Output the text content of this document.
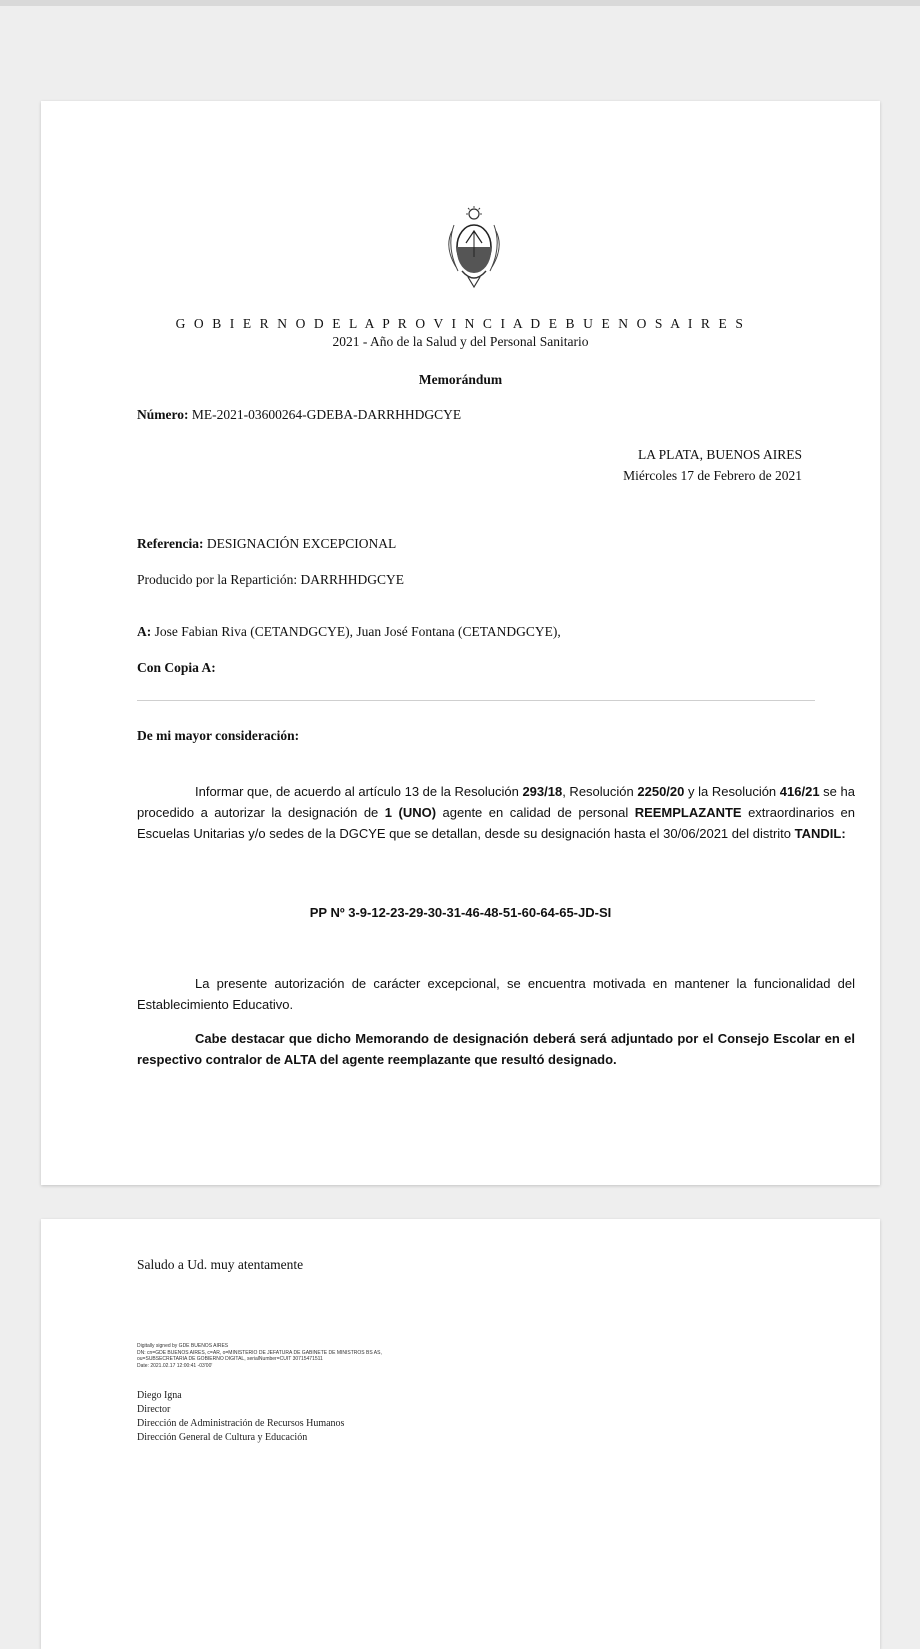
G O B I E R N O D E L A P R O V I N C I A D E B U E N O S A I R E S
2021 - Año de la Salud y del Personal Sanitario
Memorándum
Número: ME-2021-03600264-GDEBA-DARRHHDGCYE
LA PLATA, BUENOS AIRES
Miércoles 17 de Febrero de 2021
Referencia: DESIGNACIÓN EXCEPCIONAL
Producido por la Repartición: DARRHHDGCYE
A: Jose Fabian Riva (CETANDGCYE), Juan José Fontana (CETANDGCYE),
Con Copia A:
De mi mayor consideración:
Informar que, de acuerdo al artículo 13 de la Resolución 293/18, Resolución 2250/20 y la Resolución 416/21 se ha procedido a autorizar la designación de 1 (UNO) agente en calidad de personal REEMPLAZANTE extraordinarios en Escuelas Unitarias y/o sedes de la DGCYE que se detallan, desde su designación hasta el 30/06/2021 del distrito TANDIL:
PP Nº 3-9-12-23-29-30-31-46-48-51-60-64-65-JD-SI
La presente autorización de carácter excepcional, se encuentra motivada en mantener la funcionalidad del Establecimiento Educativo.
Cabe destacar que dicho Memorando de designación deberá será adjuntado por el Consejo Escolar en el respectivo contralor de ALTA del agente reemplazante que resultó designado.
Saludo a Ud. muy atentamente
Digitally signed by GDE BUENOS AIRES
DN: cn=GDE BUENOS AIRES, c=AR, o=MINISTERIO DE JEFATURA DE GABINETE DE MINISTROS BS AS,
ou=SUBSECRETARIA DE GOBIERNO DIGITAL, serialNumber=CUIT 30715471511
Date: 2021.02.17 12:00:41 -03'00'
Diego Igna
Director
Dirección de Administración de Recursos Humanos
Dirección General de Cultura y Educación
